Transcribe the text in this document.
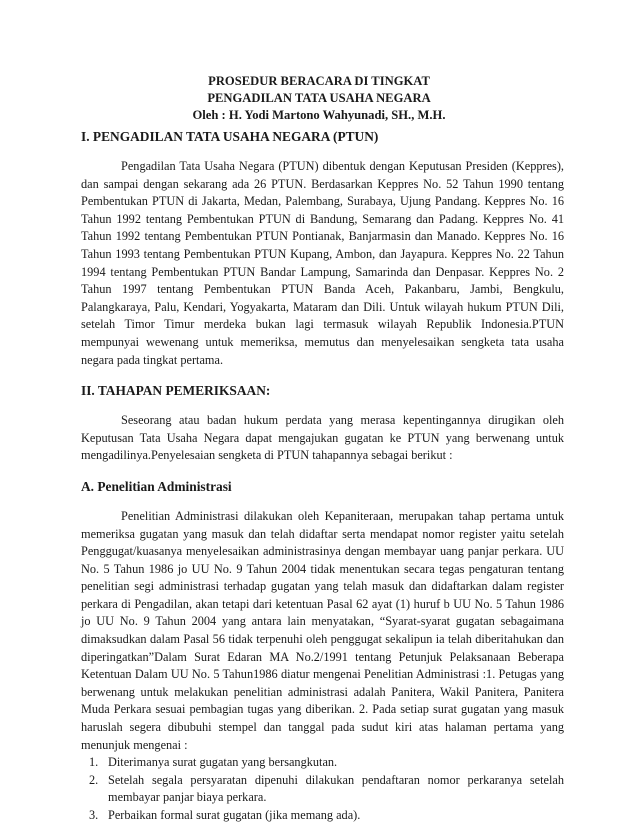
PROSEDUR BERACARA DI TINGKAT
PENGADILAN TATA USAHA NEGARA
Oleh : H. Yodi Martono Wahyunadi, SH., M.H.
I. PENGADILAN TATA USAHA NEGARA (PTUN)

Pengadilan Tata Usaha Negara (PTUN) dibentuk dengan Keputusan Presiden (Keppres), dan sampai dengan sekarang ada 26 PTUN. Berdasarkan Keppres No. 52 Tahun 1990 tentang Pembentukan PTUN di Jakarta, Medan, Palembang, Surabaya, Ujung Pandang. Keppres No. 16 Tahun 1992 tentang Pembentukan PTUN di Bandung, Semarang dan Padang. Keppres No. 41 Tahun 1992 tentang Pembentukan PTUN Pontianak, Banjarmasin dan Manado. Keppres No. 16 Tahun 1993 tentang Pembentukan PTUN Kupang, Ambon, dan Jayapura. Keppres No. 22 Tahun 1994 tentang Pembentukan PTUN Bandar Lampung, Samarinda dan Denpasar. Keppres No. 2 Tahun 1997 tentang Pembentukan PTUN Banda Aceh, Pakanbaru, Jambi, Bengkulu, Palangkaraya, Palu, Kendari, Yogyakarta, Mataram dan Dili. Untuk wilayah hukum PTUN Dili, setelah Timor Timur merdeka bukan lagi termasuk wilayah Republik Indonesia.PTUN mempunyai wewenang untuk memeriksa, memutus dan menyelesaikan sengketa tata usaha negara pada tingkat pertama.

II. TAHAPAN PEMERIKSAAN:

Seseorang atau badan hukum perdata yang merasa kepentingannya dirugikan oleh Keputusan Tata Usaha Negara dapat mengajukan gugatan ke PTUN yang berwenang untuk mengadilinya.Penyelesaian sengketa di PTUN tahapannya sebagai berikut :

A. Penelitian Administrasi

Penelitian Administrasi dilakukan oleh Kepaniteraan, merupakan tahap pertama untuk memeriksa gugatan yang masuk dan telah didaftar serta mendapat nomor register yaitu setelah Penggugat/kuasanya menyelesaikan administrasinya dengan membayar uang panjar perkara. UU No. 5 Tahun 1986 jo UU No. 9 Tahun 2004 tidak menentukan secara tegas pengaturan tentang penelitian segi administrasi terhadap gugatan yang telah masuk dan didaftarkan dalam register perkara di Pengadilan, akan tetapi dari ketentuan Pasal 62 ayat (1) huruf b UU No. 5 Tahun 1986 jo UU No. 9 Tahun 2004 yang antara lain menyatakan, “Syarat-syarat gugatan sebagaimana dimaksudkan dalam Pasal 56 tidak terpenuhi oleh penggugat sekalipun ia telah diberitahukan dan diperingatkan”Dalam Surat Edaran MA No.2/1991 tentang Petunjuk Pelaksanaan Beberapa Ketentuan Dalam UU No. 5 Tahun1986 diatur mengenai Penelitian Administrasi :1. Petugas yang berwenang untuk melakukan penelitian administrasi adalah Panitera, Wakil Panitera, Panitera Muda Perkara sesuai pembagian tugas yang diberikan. 2. Pada setiap surat gugatan yang masuk haruslah segera dibubuhi stempel dan tanggal pada sudut kiri atas halaman pertama yang menunjuk mengenai :

1. Diterimanya surat gugatan yang bersangkutan.
2. Setelah segala persyaratan dipenuhi dilakukan pendaftaran nomor perkaranya setelah membayar panjar biaya perkara.
3. Perbaikan formal surat gugatan (jika memang ada).
